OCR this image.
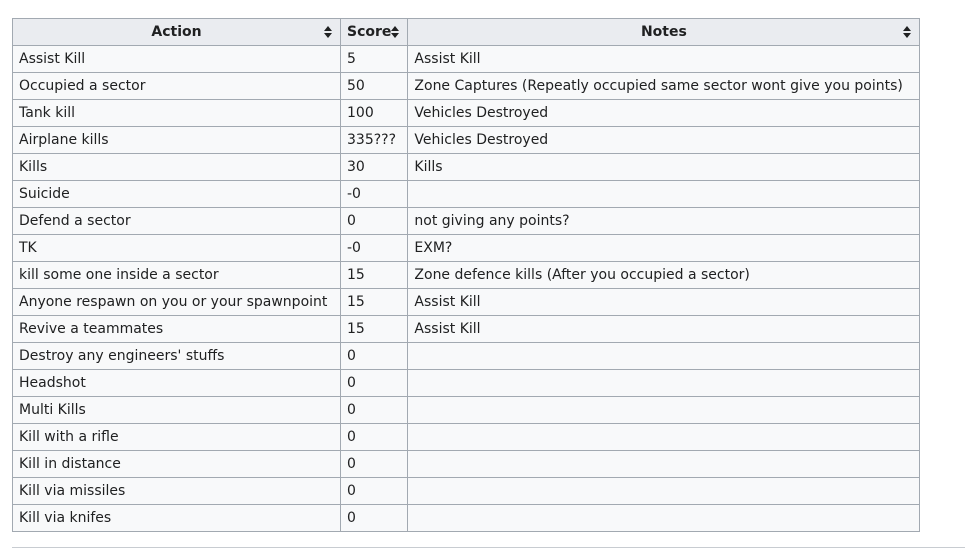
Action	Score	Notes

Assist Kill	5	Assist Kill
Occupied a sector	50	Zone Captures (Repeatly occupied same sector wont give you points)
Tank kill	100	Vehicles Destroyed
Airplane kills	335???	Vehicles Destroyed
Kills	30	Kills
Suicide	-0	
Defend a sector	0	not giving any points?
TK	-0	EXM?
kill some one inside a sector	15	Zone defence kills (After you occupied a sector)
Anyone respawn on you or your spawnpoint	15	Assist Kill
Revive a teammates	15	Assist Kill
Destroy any engineers' stuffs	0	
Headshot	0	
Multi Kills	0	
Kill with a rifle	0	
Kill in distance	0	
Kill via missiles	0	
Kill via knifes	0	
